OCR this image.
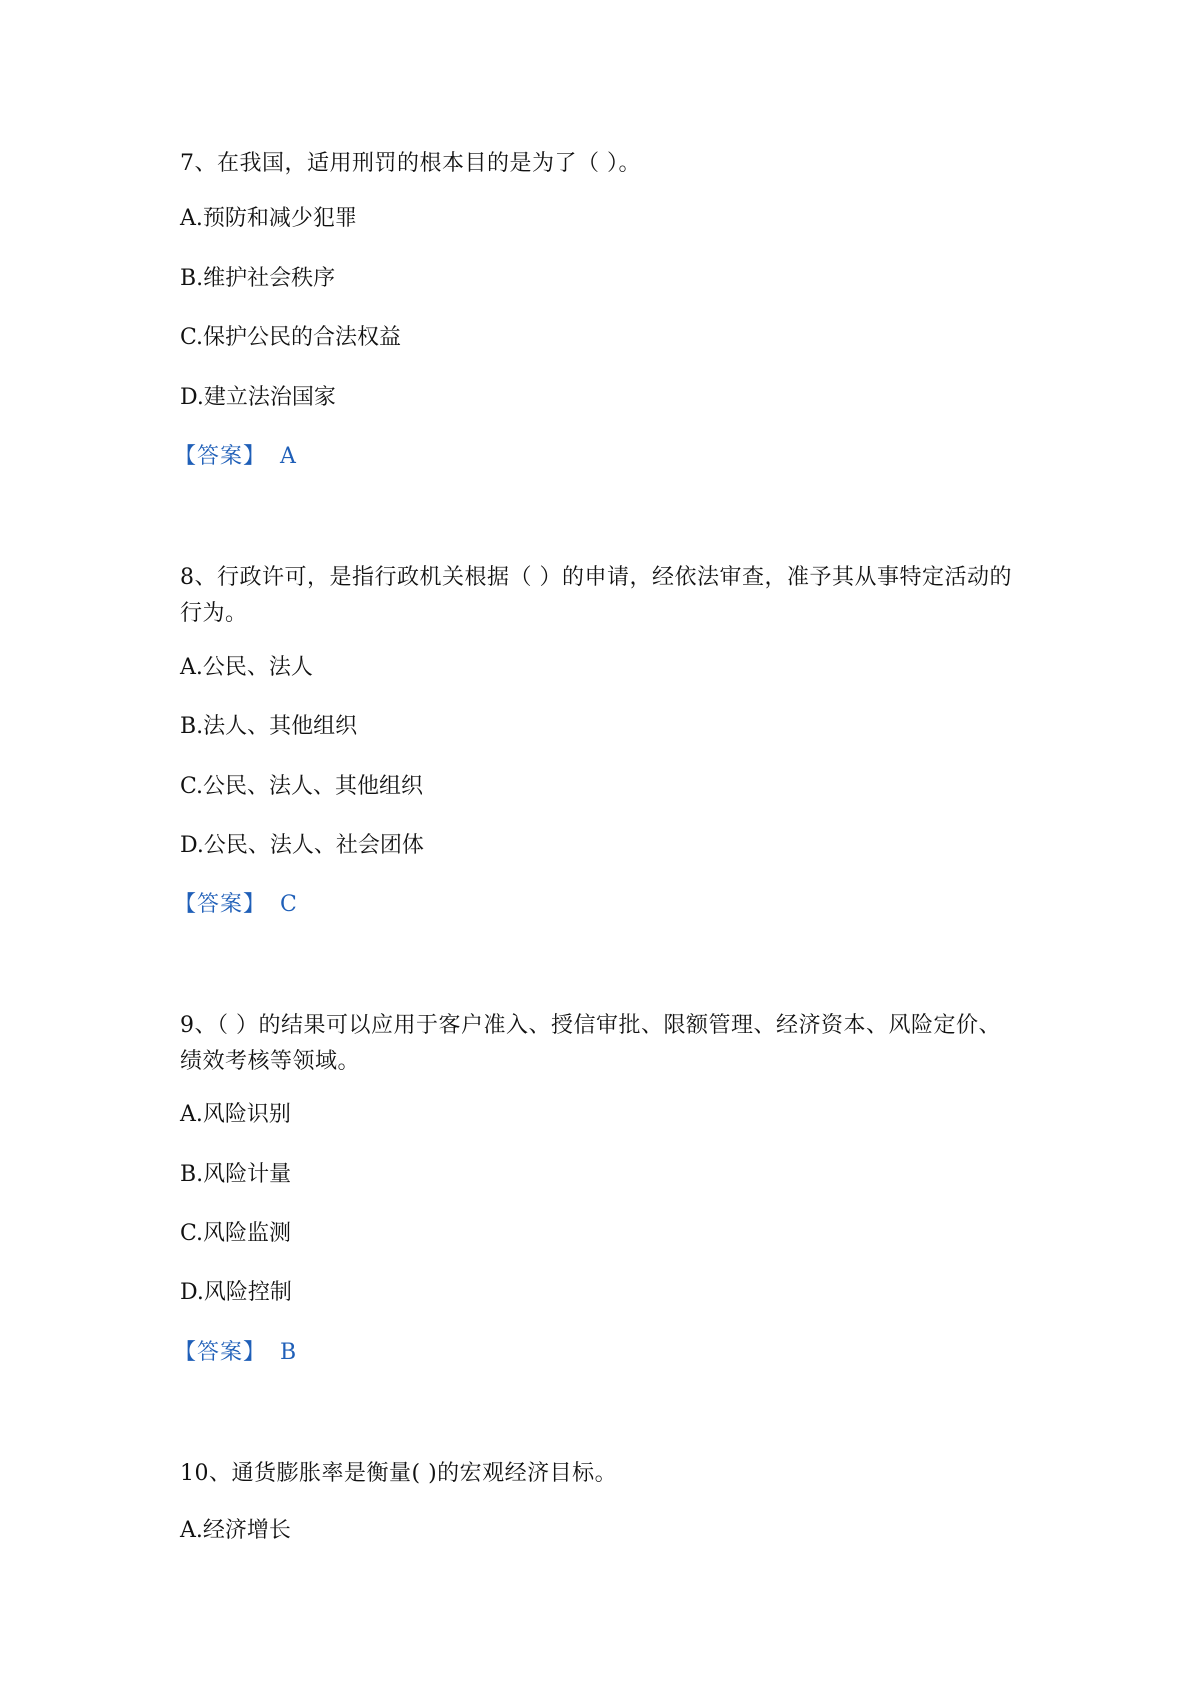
7、在我国，适用刑罚的根本目的是为了（ ）。

A.预防和减少犯罪

B.维护社会秩序

C.保护公民的合法权益

D.建立法治国家

【答案】 A

8、行政许可，是指行政机关根据（ ）的申请，经依法审查，准予其从事特定活动的行为。

A.公民、法人

B.法人、其他组织

C.公民、法人、其他组织

D.公民、法人、社会团体

【答案】 C

9、（ ）的结果可以应用于客户准入、授信审批、限额管理、经济资本、风险定价、绩效考核等领域。

A.风险识别

B.风险计量

C.风险监测

D.风险控制

【答案】 B

10、通货膨胀率是衡量( )的宏观经济目标。

A.经济增长
